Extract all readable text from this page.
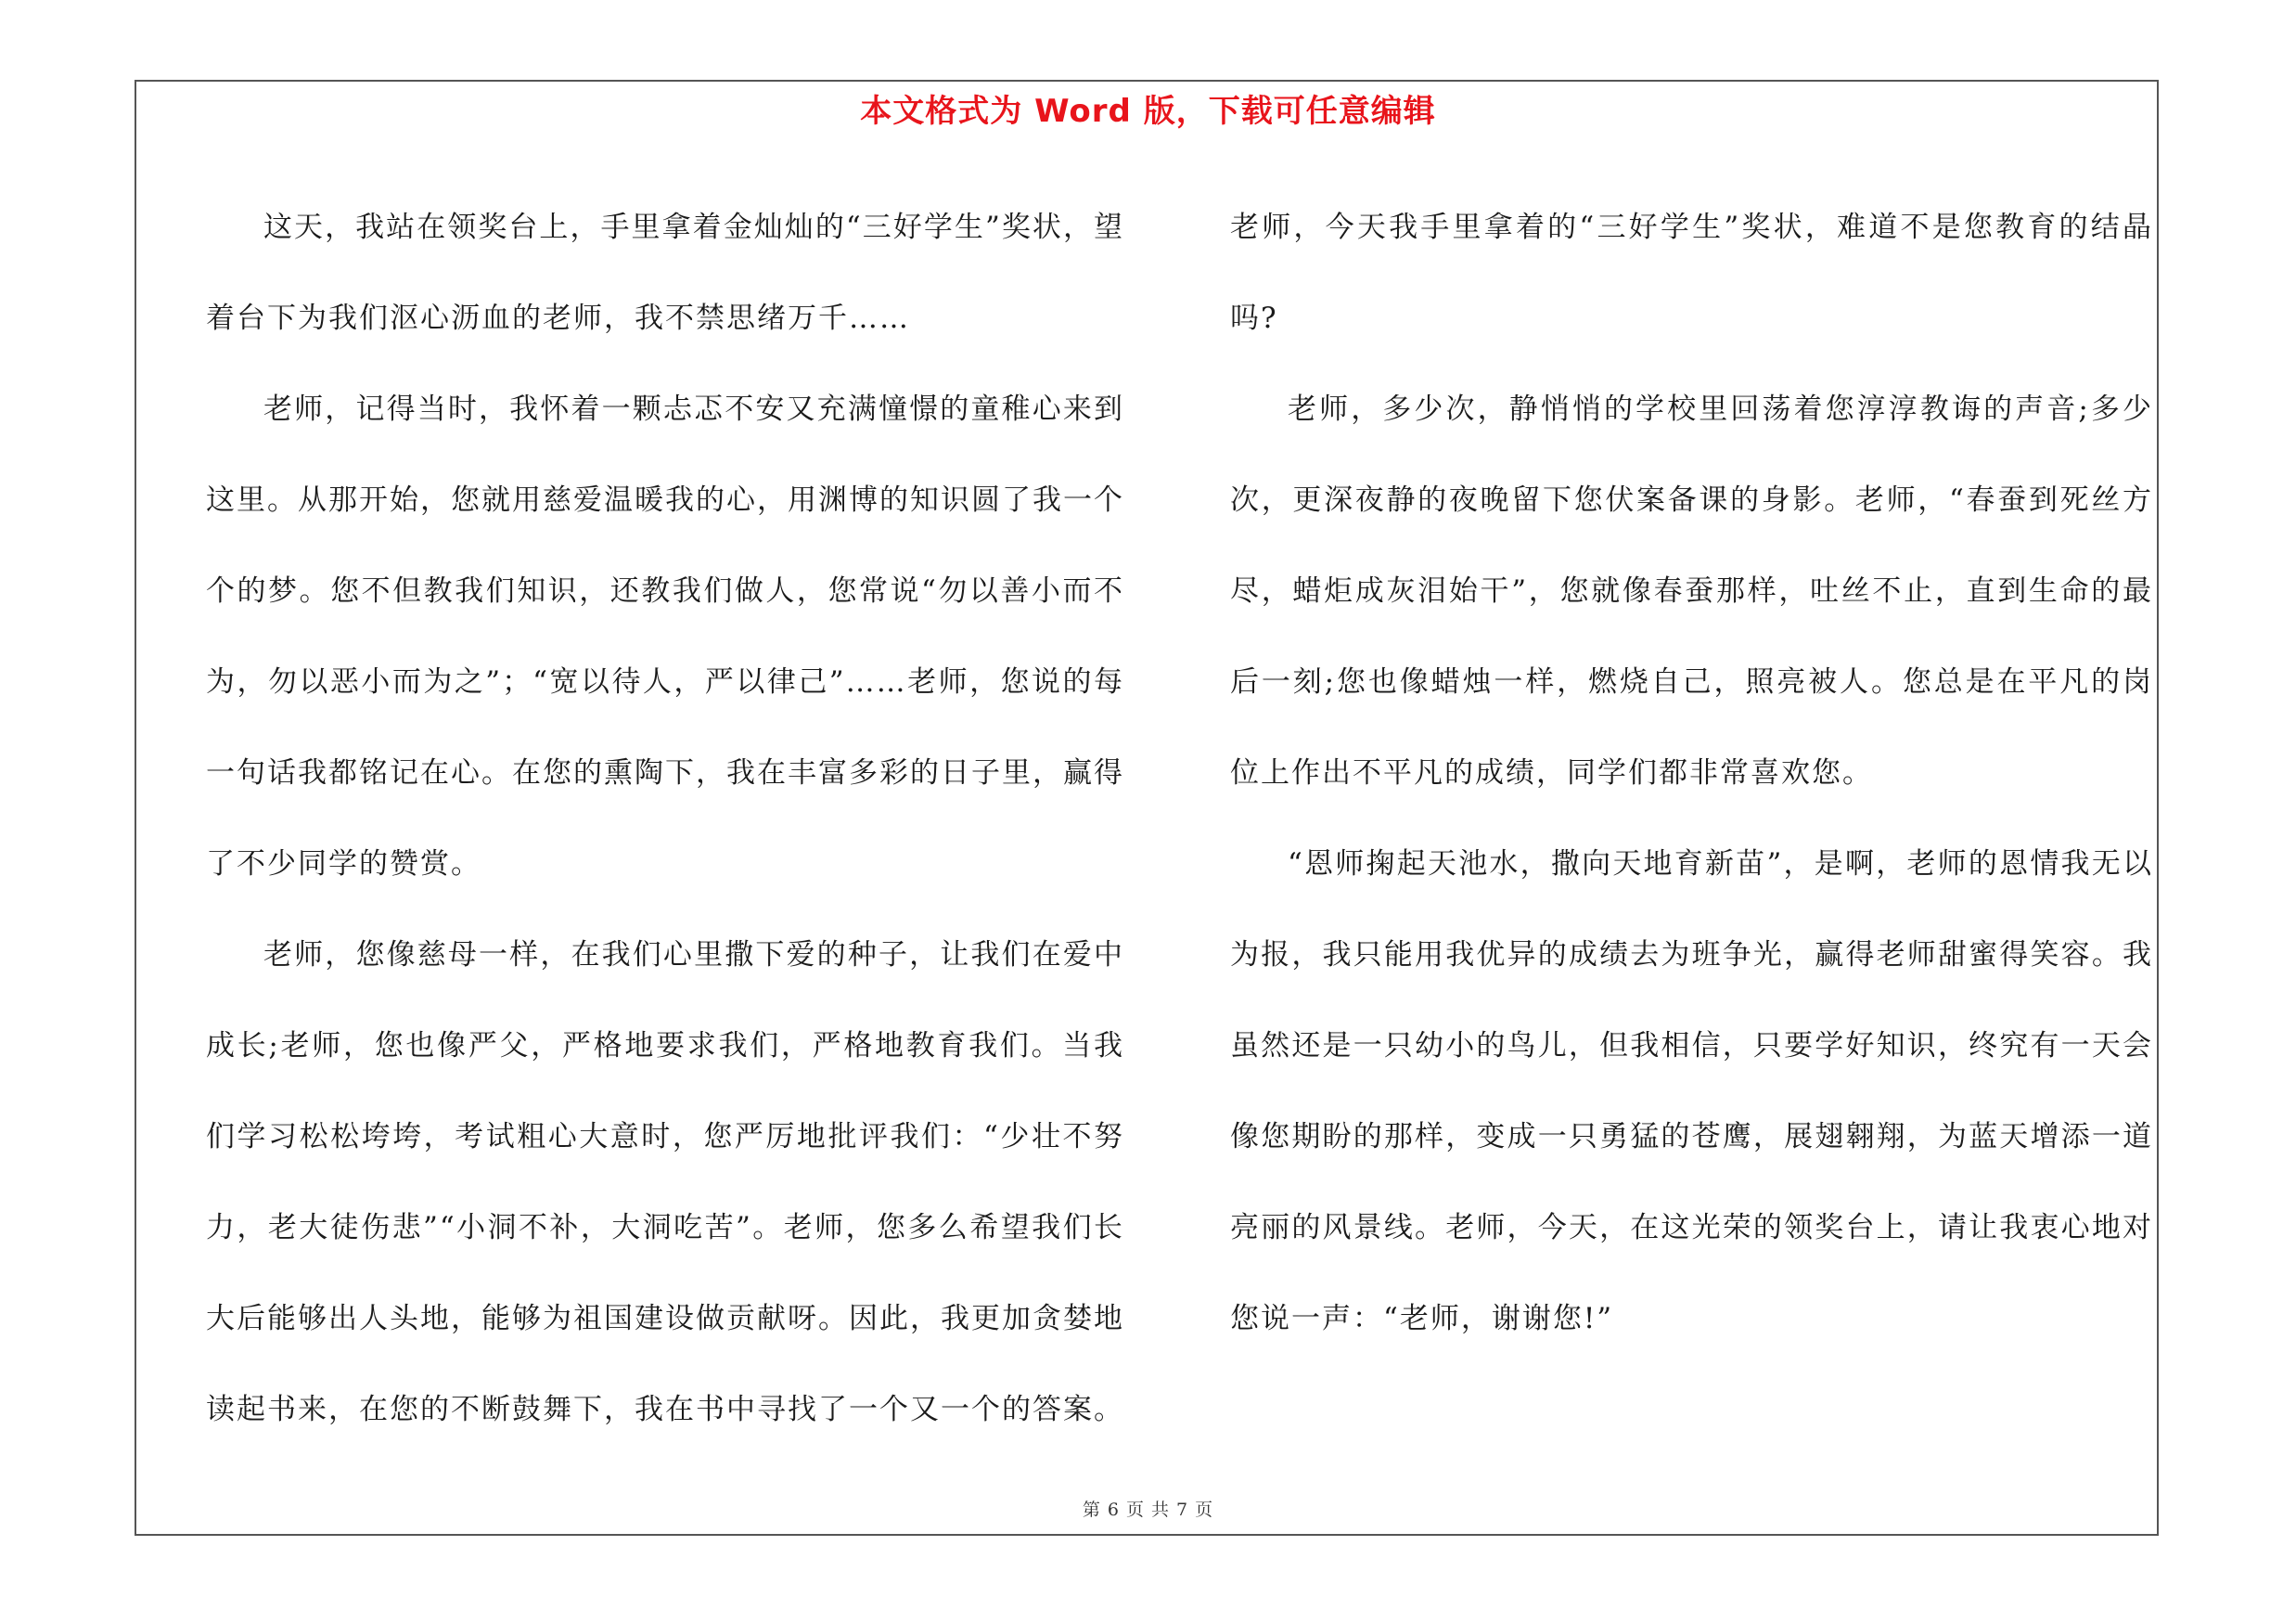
本文格式为 Word 版，下载可任意编辑

这天，我站在领奖台上，手里拿着金灿灿的“三好学生”奖状，望着台下为我们沤心沥血的老师，我不禁思绪万千……

老师，记得当时，我怀着一颗忐忑不安又充满憧憬的童稚心来到这里。从那开始，您就用慈爱温暖我的心，用渊博的知识圆了我一个个的梦。您不但教我们知识，还教我们做人，您常说“勿以善小而不为，勿以恶小而为之”；“宽以待人，严以律己”……老师，您说的每一句话我都铭记在心。在您的熏陶下，我在丰富多彩的日子里，赢得了不少同学的赞赏。

老师，您像慈母一样，在我们心里撒下爱的种子，让我们在爱中成长;老师，您也像严父，严格地要求我们，严格地教育我们。当我们学习松松垮垮，考试粗心大意时，您严厉地批评我们：“少壮不努力，老大徒伤悲”“小洞不补，大洞吃苦”。老师，您多么希望我们长大后能够出人头地，能够为祖国建设做贡献呀。因此，我更加贪婪地读起书来，在您的不断鼓舞下，我在书中寻找了一个又一个的答案。

老师，今天我手里拿着的“三好学生”奖状，难道不是您教育的结晶吗?

老师，多少次，静悄悄的学校里回荡着您淳淳教诲的声音;多少次，更深夜静的夜晚留下您伏案备课的身影。老师，“春蚕到死丝方尽，蜡炬成灰泪始干”，您就像春蚕那样，吐丝不止，直到生命的最后一刻;您也像蜡烛一样，燃烧自己，照亮被人。您总是在平凡的岗位上作出不平凡的成绩，同学们都非常喜欢您。

“恩师掬起天池水，撒向天地育新苗”，是啊，老师的恩情我无以为报，我只能用我优异的成绩去为班争光，赢得老师甜蜜得笑容。我虽然还是一只幼小的鸟儿，但我相信，只要学好知识，终究有一天会像您期盼的那样，变成一只勇猛的苍鹰，展翅翱翔，为蓝天增添一道亮丽的风景线。老师，今天，在这光荣的领奖台上，请让我衷心地对您说一声：“老师，谢谢您!”

第 6 页 共 7 页
